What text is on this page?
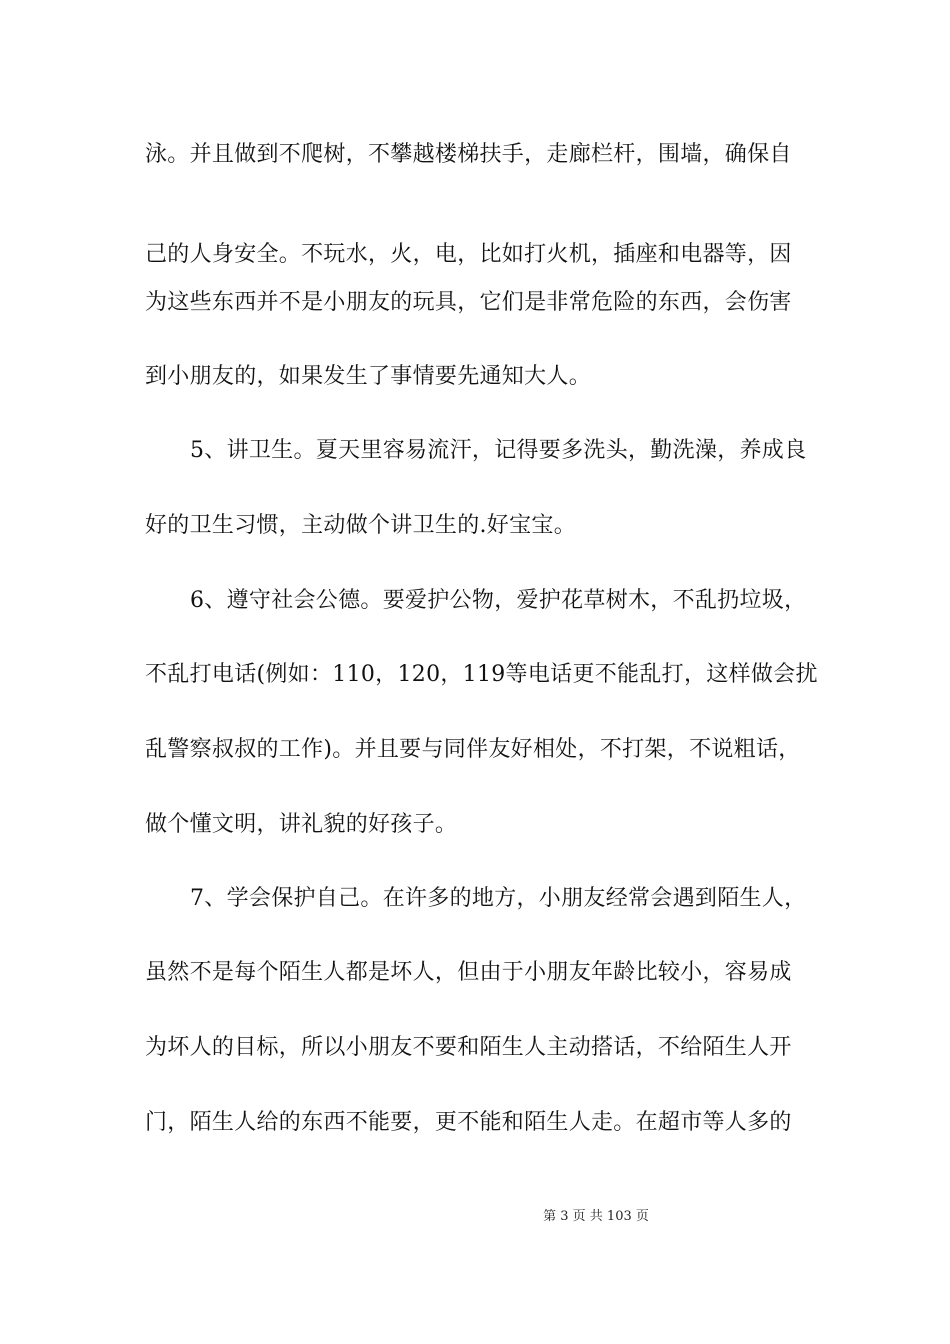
泳。并且做到不爬树，不攀越楼梯扶手，走廊栏杆，围墙，确保自
己的人身安全。不玩水，火，电，比如打火机，插座和电器等，因
为这些东西并不是小朋友的玩具，它们是非常危险的东西，会伤害
到小朋友的，如果发生了事情要先通知大人。
5、讲卫生。夏天里容易流汗，记得要多洗头，勤洗澡，养成良
好的卫生习惯，主动做个讲卫生的.好宝宝。
6、遵守社会公德。要爱护公物，爱护花草树木，不乱扔垃圾，
不乱打电话(例如：110，120，119等电话更不能乱打，这样做会扰
乱警察叔叔的工作)。并且要与同伴友好相处，不打架，不说粗话，
做个懂文明，讲礼貌的好孩子。
7、学会保护自己。在许多的地方，小朋友经常会遇到陌生人，
虽然不是每个陌生人都是坏人，但由于小朋友年龄比较小，容易成
为坏人的目标，所以小朋友不要和陌生人主动搭话，不给陌生人开
门，陌生人给的东西不能要，更不能和陌生人走。在超市等人多的
第 3 页 共 103 页
